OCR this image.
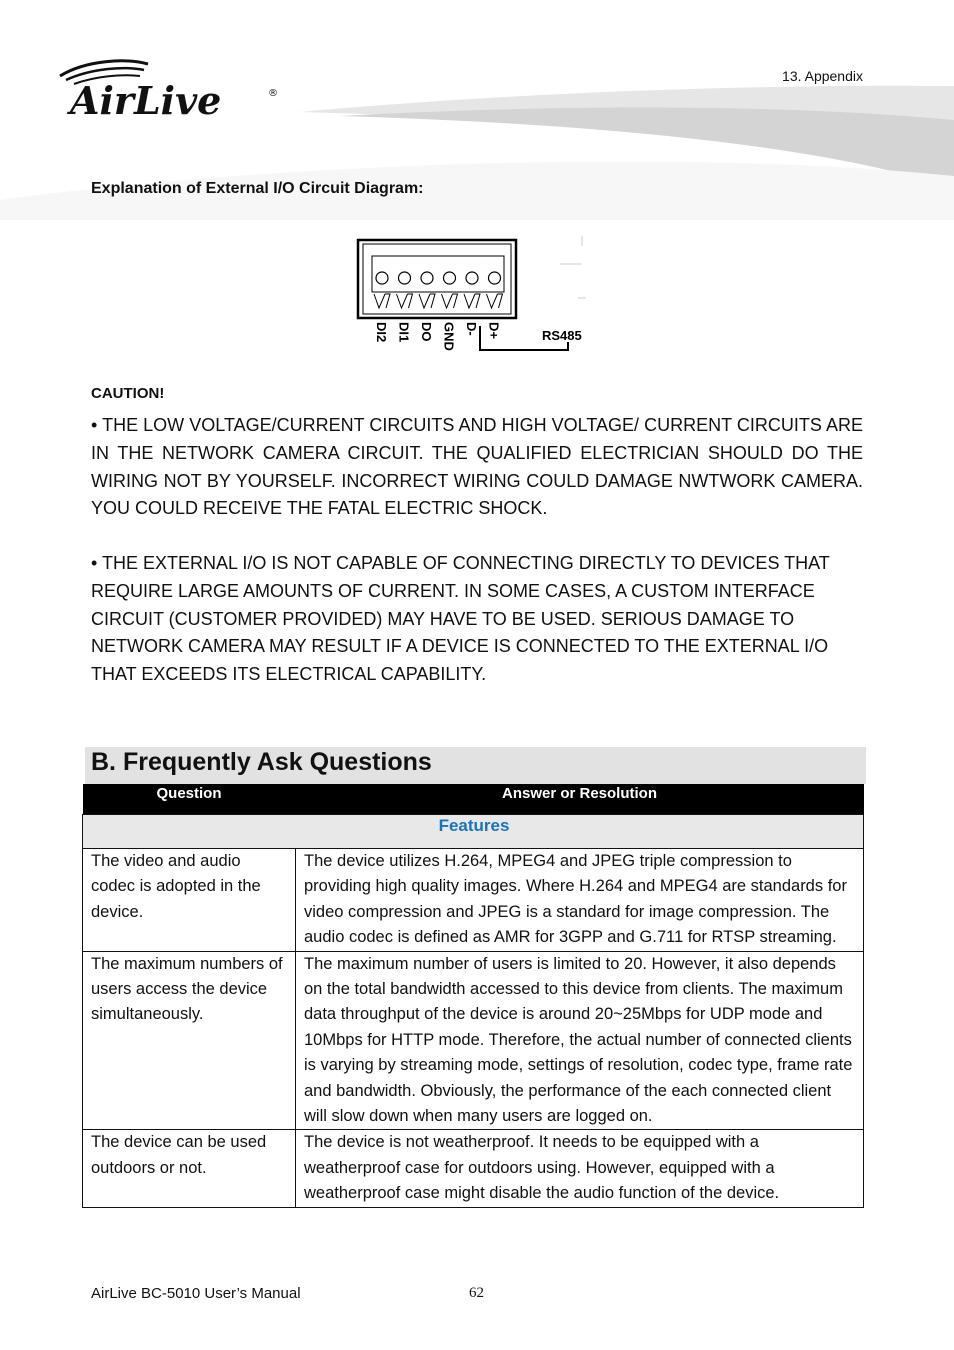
AirLive	®
13. Appendix
Explanation of External I/O Circuit Diagram:
DI2 DI1 DO GND D- D+	RS485
CAUTION!

• THE LOW VOLTAGE/CURRENT CIRCUITS AND HIGH VOLTAGE/ CURRENT CIRCUITS ARE IN THE NETWORK CAMERA CIRCUIT. THE QUALIFIED ELECTRICIAN SHOULD DO THE WIRING NOT BY YOURSELF. INCORRECT WIRING COULD DAMAGE NWTWORK CAMERA. YOU COULD RECEIVE THE FATAL ELECTRIC SHOCK.

• THE EXTERNAL I/O IS NOT CAPABLE OF CONNECTING DIRECTLY TO DEVICES THAT REQUIRE LARGE AMOUNTS OF CURRENT. IN SOME CASES, A CUSTOM INTERFACE CIRCUIT (CUSTOMER PROVIDED) MAY HAVE TO BE USED. SERIOUS DAMAGE TO NETWORK CAMERA MAY RESULT IF A DEVICE IS CONNECTED TO THE EXTERNAL I/O THAT EXCEEDS ITS ELECTRICAL CAPABILITY.

B. Frequently Ask Questions
Question	Answer or Resolution
Features	
The video and audio codec is adopted in the device.	The device utilizes H.264, MPEG4 and JPEG triple compression to providing high quality images. Where H.264 and MPEG4 are standards for video compression and JPEG is a standard for image compression. The audio codec is defined as AMR for 3GPP and G.711 for RTSP streaming.
The maximum numbers of users access the device simultaneously.	The maximum number of users is limited to 20. However, it also depends on the total bandwidth accessed to this device from clients. The maximum data throughput of the device is around 20~25Mbps for UDP mode and 10Mbps for HTTP mode. Therefore, the actual number of connected clients is varying by streaming mode, settings of resolution, codec type, frame rate and bandwidth. Obviously, the performance of the each connected client will slow down when many users are logged on.
The device can be used outdoors or not.	The device is not weatherproof. It needs to be equipped with a weatherproof case for outdoors using. However, equipped with a weatherproof case might disable the audio function of the device.
AirLive BC-5010 User’s Manual	62
